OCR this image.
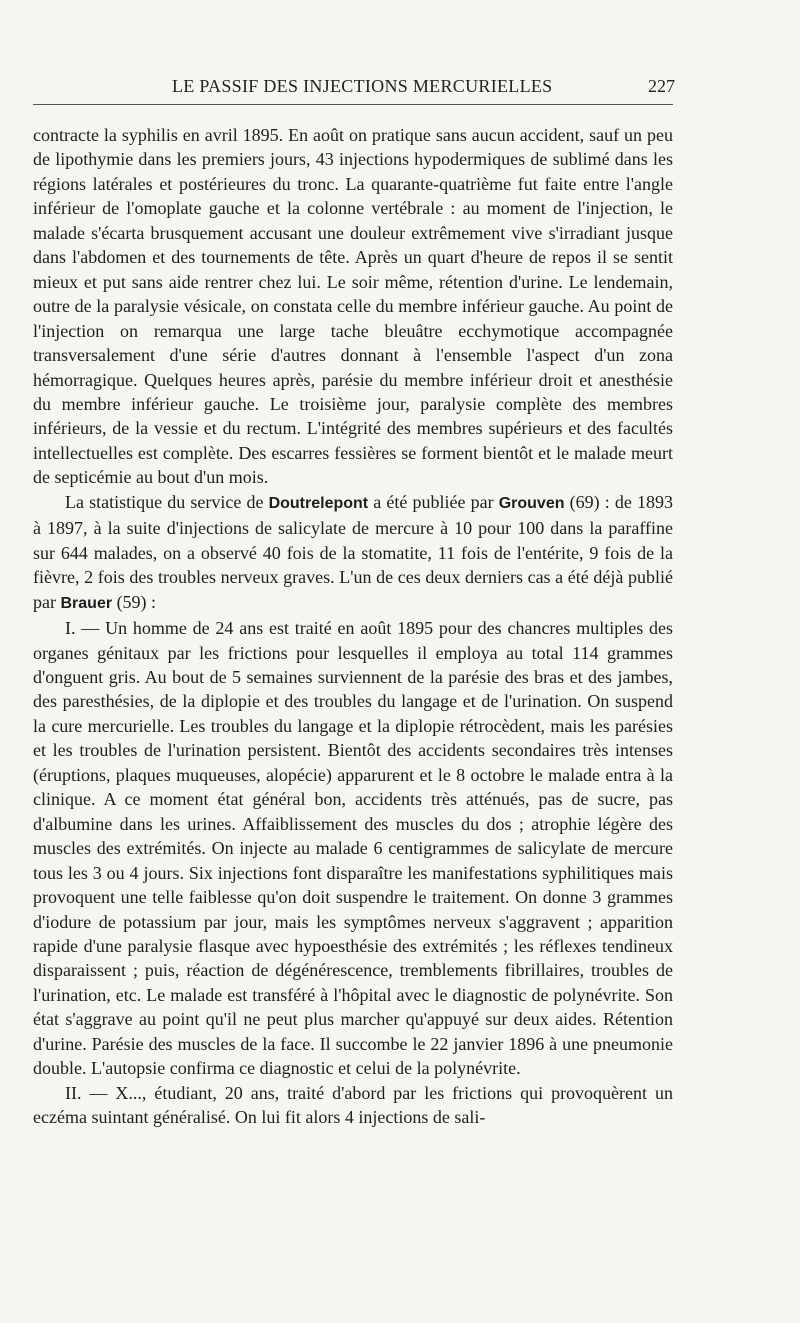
LE PASSIF DES INJECTIONS MERCURIELLES	227

contracte la syphilis en avril 1895. En août on pratique sans aucun accident, sauf un peu de lipothymie dans les premiers jours, 43 injections hypodermiques de sublimé dans les régions latérales et postérieures du tronc. La quarante-quatrième fut faite entre l'angle inférieur de l'omoplate gauche et la colonne vertébrale : au moment de l'injection, le malade s'écarta brusquement accusant une douleur extrêmement vive s'irradiant jusque dans l'abdomen et des tournements de tête. Après un quart d'heure de repos il se sentit mieux et put sans aide rentrer chez lui. Le soir même, rétention d'urine. Le lendemain, outre de la paralysie vésicale, on constata celle du membre inférieur gauche. Au point de l'injection on remarqua une large tache bleuâtre ecchymotique accompagnée transversalement d'une série d'autres donnant à l'ensemble l'aspect d'un zona hémorragique. Quelques heures après, parésie du membre inférieur droit et anesthésie du membre inférieur gauche. Le troisième jour, paralysie complète des membres inférieurs, de la vessie et du rectum. L'intégrité des membres supérieurs et des facultés intellectuelles est complète. Des escarres fessières se forment bientôt et le malade meurt de septicémie au bout d'un mois.

La statistique du service de Doutrelepont a été publiée par Grouven (69) : de 1893 à 1897, à la suite d'injections de salicylate de mercure à 10 pour 100 dans la paraffine sur 644 malades, on a observé 40 fois de la stomatite, 11 fois de l'entérite, 9 fois de la fièvre, 2 fois des troubles nerveux graves. L'un de ces deux derniers cas a été déjà publié par Brauer (59) :

I. — Un homme de 24 ans est traité en août 1895 pour des chancres multiples des organes génitaux par les frictions pour lesquelles il employa au total 114 grammes d'onguent gris. Au bout de 5 semaines surviennent de la parésie des bras et des jambes, des paresthésies, de la diplopie et des troubles du langage et de l'urination. On suspend la cure mercurielle. Les troubles du langage et la diplopie rétrocèdent, mais les parésies et les troubles de l'urination persistent. Bientôt des accidents secondaires très intenses (éruptions, plaques muqueuses, alopécie) apparurent et le 8 octobre le malade entra à la clinique. A ce moment état général bon, accidents très atténués, pas de sucre, pas d'albumine dans les urines. Affaiblissement des muscles du dos ; atrophie légère des muscles des extrémités. On injecte au malade 6 centigrammes de salicylate de mercure tous les 3 ou 4 jours. Six injections font disparaître les manifestations syphilitiques mais provoquent une telle faiblesse qu'on doit suspendre le traitement. On donne 3 grammes d'iodure de potassium par jour, mais les symptômes nerveux s'aggravent ; apparition rapide d'une paralysie flasque avec hypoesthésie des extrémités ; les réflexes tendineux disparaissent ; puis, réaction de dégénérescence, tremblements fibrillaires, troubles de l'urination, etc. Le malade est transféré à l'hôpital avec le diagnostic de polynévrite. Son état s'aggrave au point qu'il ne peut plus marcher qu'appuyé sur deux aides. Rétention d'urine. Parésie des muscles de la face. Il succombe le 22 janvier 1896 à une pneumonie double. L'autopsie confirma ce diagnostic et celui de la polynévrite.

II. — X..., étudiant, 20 ans, traité d'abord par les frictions qui provoquèrent un eczéma suintant généralisé. On lui fit alors 4 injections de sali-
